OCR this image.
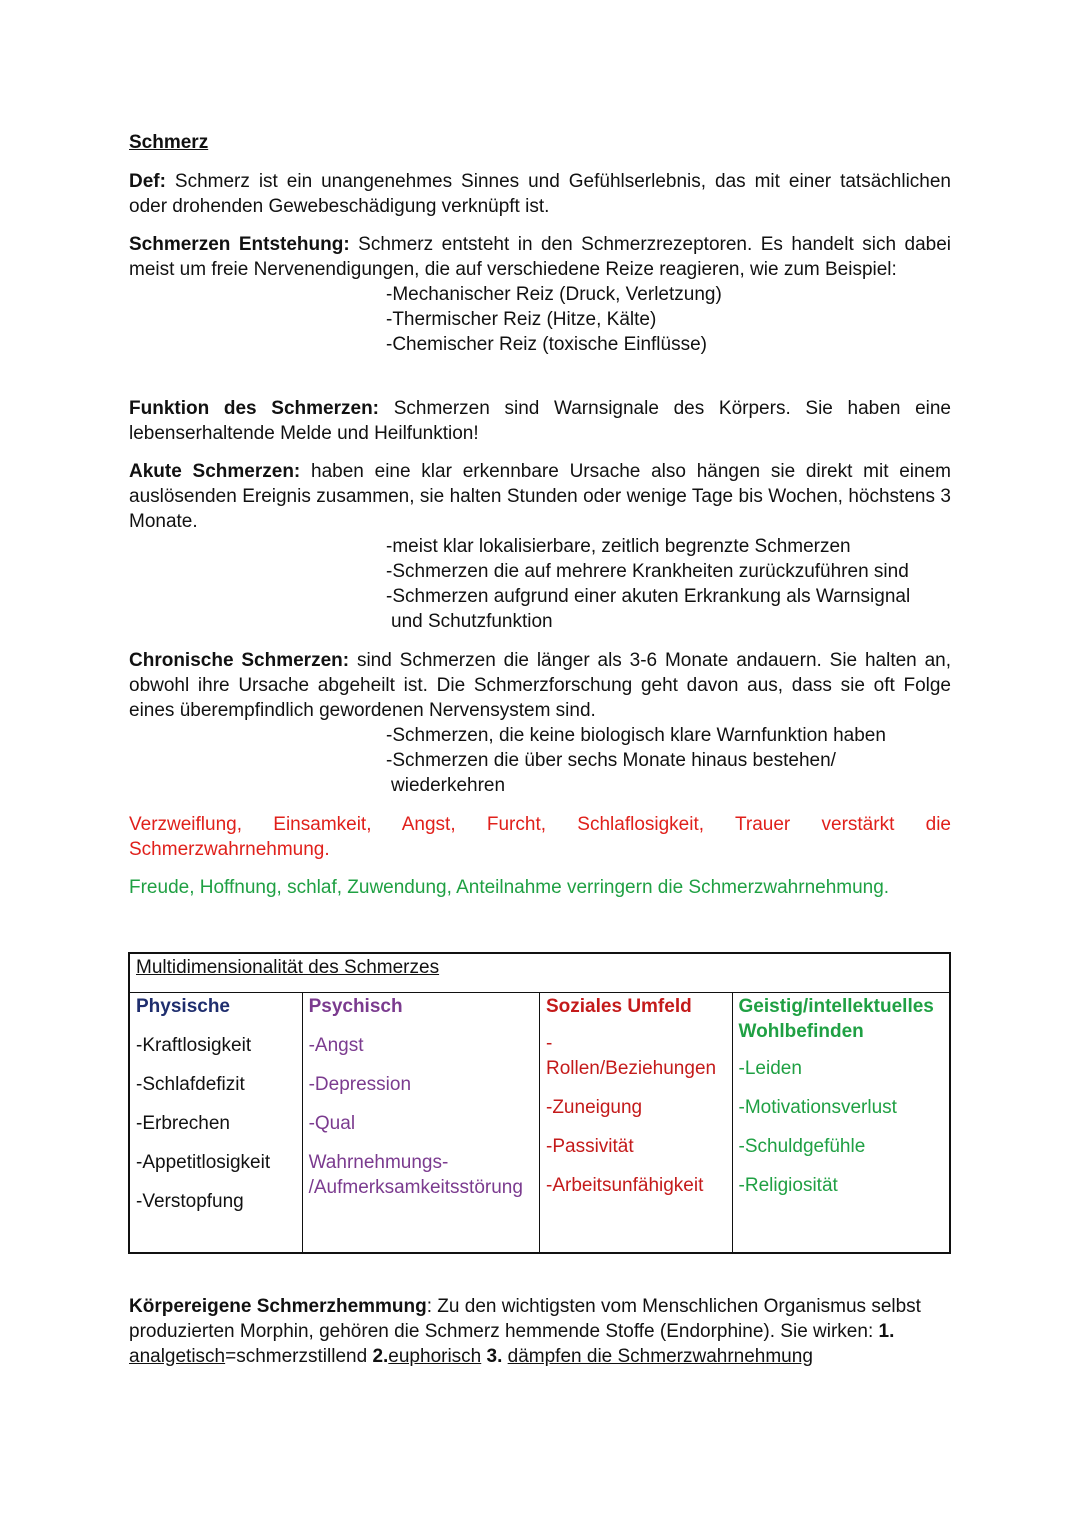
Schmerz

Def: Schmerz ist ein unangenehmes Sinnes und Gefühlserlebnis, das mit einer tatsächlichen oder drohenden Gewebeschädigung verknüpft ist.

Schmerzen Entstehung: Schmerz entsteht in den Schmerzrezeptoren. Es handelt sich dabei meist um freie Nervenendigungen, die auf verschiedene Reize reagieren, wie zum Beispiel:

-Mechanischer Reiz (Druck, Verletzung)
-Thermischer Reiz (Hitze, Kälte)
-Chemischer Reiz (toxische Einflüsse)

Funktion des Schmerzen: Schmerzen sind Warnsignale des Körpers. Sie haben eine lebenserhaltende Melde und Heilfunktion!

Akute Schmerzen: haben eine klar erkennbare Ursache also hängen sie direkt mit einem auslösenden Ereignis zusammen, sie halten Stunden oder wenige Tage bis Wochen, höchstens 3 Monate.

-meist klar lokalisierbare, zeitlich begrenzte Schmerzen
-Schmerzen die auf mehrere Krankheiten zurückzuführen sind
-Schmerzen aufgrund einer akuten Erkrankung als Warnsignal
und Schutzfunktion

Chronische Schmerzen: sind Schmerzen die länger als 3-6 Monate andauern. Sie halten an, obwohl ihre Ursache abgeheilt ist. Die Schmerzforschung geht davon aus, dass sie oft Folge eines überempfindlich gewordenen Nervensystem sind.

-Schmerzen, die keine biologisch klare Warnfunktion haben
-Schmerzen die über sechs Monate hinaus bestehen/
wiederkehren

Verzweiflung, Einsamkeit, Angst, Furcht, Schlaflosigkeit, Trauer verstärkt die Schmerzwahrnehmung.

Freude, Hoffnung, schlaf, Zuwendung, Anteilnahme verringern die Schmerzwahrnehmung.

Multidimensionalität des Schmerzes
Physische
-Kraftlosigkeit
-Schlafdefizit
-Erbrechen
-Appetitlosigkeit
-Verstopfung
Psychisch
-Angst
-Depression
-Qual
Wahrnehmungs- /Aufmerksamkeitsstörung
Soziales Umfeld
- Rollen/Beziehungen
-Zuneigung
-Passivität
-Arbeitsunfähigkeit
Geistig/intellektuelles Wohlbefinden
-Leiden
-Motivationsverlust
-Schuldgefühle
-Religiosität

Körpereigene Schmerzhemmung: Zu den wichtigsten vom Menschlichen Organismus selbst produzierten Morphin, gehören die Schmerz hemmende Stoffe (Endorphine). Sie wirken: 1. analgetisch=schmerzstillend 2.euphorisch 3. dämpfen die Schmerzwahrnehmung
